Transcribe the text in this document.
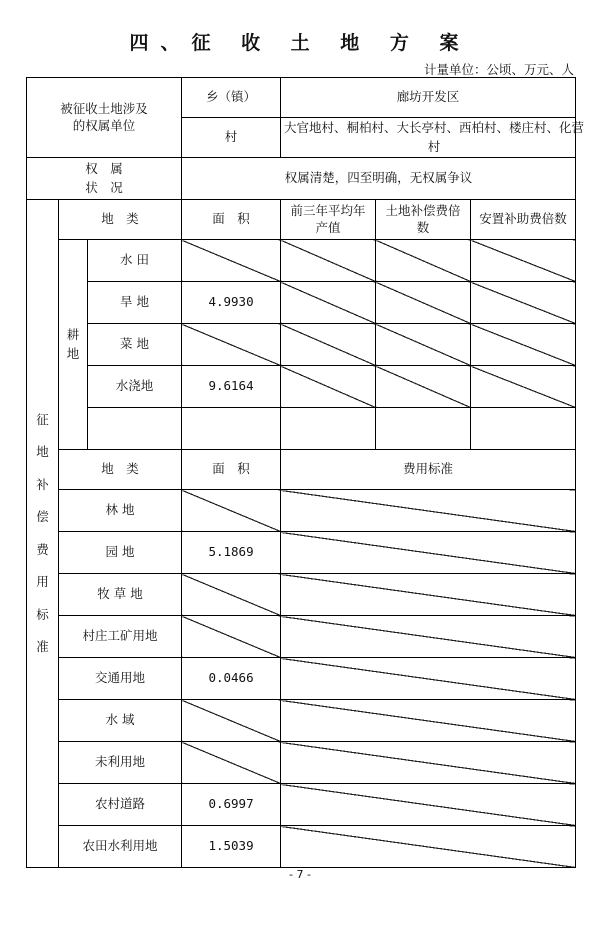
四、征 收 土 地 方 案
计量单位：公顷、万元、人
被征收土地涉及的权属单位			乡（镇）	廊坊开发区		
			村	大官地村、桐柏村、大长亭村、西柏村、楼庄村、化营村		
权　属
状　况			权属清楚，四至明确，无权属争议			
征地补偿费用标准	地　类		面　积	前三年平均年产值	土地补偿费倍数	安置补助费倍数
	耕地	水 田				
		旱 地	4.9930			
		菜 地				
		水浇地	9.6164			

	地　类		面　积	费用标准		
	林 地					
	园 地		5.1869			
	牧 草 地					
	村庄工矿用地					
	交通用地		0.0466			
	水 域					
	未利用地					
	农村道路		0.6997			
	农田水利用地		1.5039			
- 7 -
